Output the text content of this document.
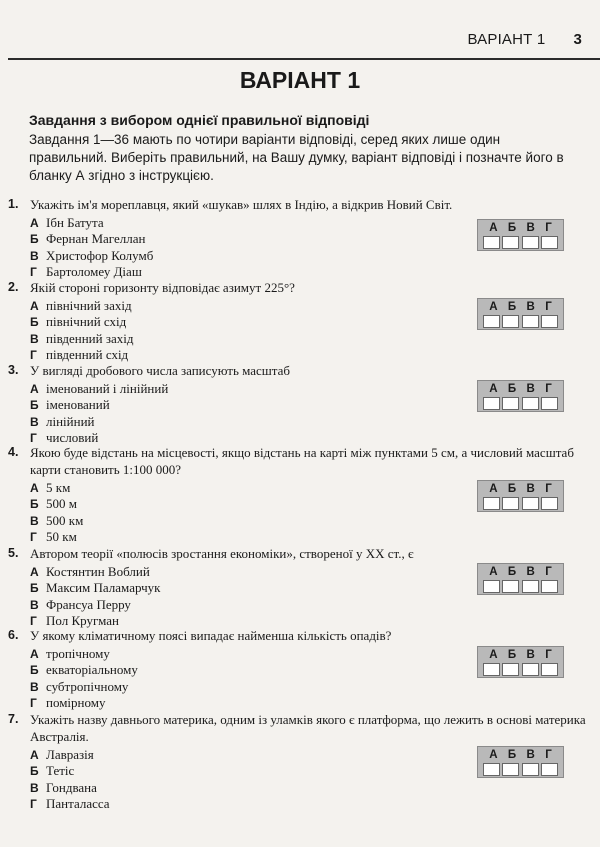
ВАРІАНТ 1 3
ВАРІАНТ 1
Завдання з вибором однієї правильної відповіді
Завдання 1—36 мають по чотири варіанти відповіді, серед яких лише один правильний. Виберіть правильний, на Вашу думку, варіант відповіді і позначте його в бланку А згідно з інструкцією.
1. Укажіть ім'я мореплавця, який «шукав» шлях в Індію, а відкрив Новий Світ.
А Ібн Батута
Б Фернан Магеллан
В Христофор Колумб
Г Бартоломеу Діаш
2. Якій стороні горизонту відповідає азимут 225°?
А північний захід
Б північний схід
В південний захід
Г південний схід
3. У вигляді дробового числа записують масштаб
А іменований і лінійний
Б іменований
В лінійний
Г числовий
4. Якою буде відстань на місцевості, якщо відстань на карті між пунктами 5 см, а числовий масштаб карти становить 1:100 000?
А 5 км
Б 500 м
В 500 км
Г 50 км
5. Автором теорії «полюсів зростання економіки», створеної у XX ст., є
А Костянтин Воблий
Б Максим Паламарчук
В Франсуа Перру
Г Пол Кругман
6. У якому кліматичному поясі випадає найменша кількість опадів?
А тропічному
Б екваторіальному
В субтропічному
Г помірному
7. Укажіть назву давнього материка, одним із уламків якого є платформа, що лежить в основі материка Австралія.
А Лавразія
Б Тетіс
В Гондвана
Г Панталасса
А Б В Г
А Б В Г
А Б В Г
А Б В Г
А Б В Г
А Б В Г
А Б В Г
